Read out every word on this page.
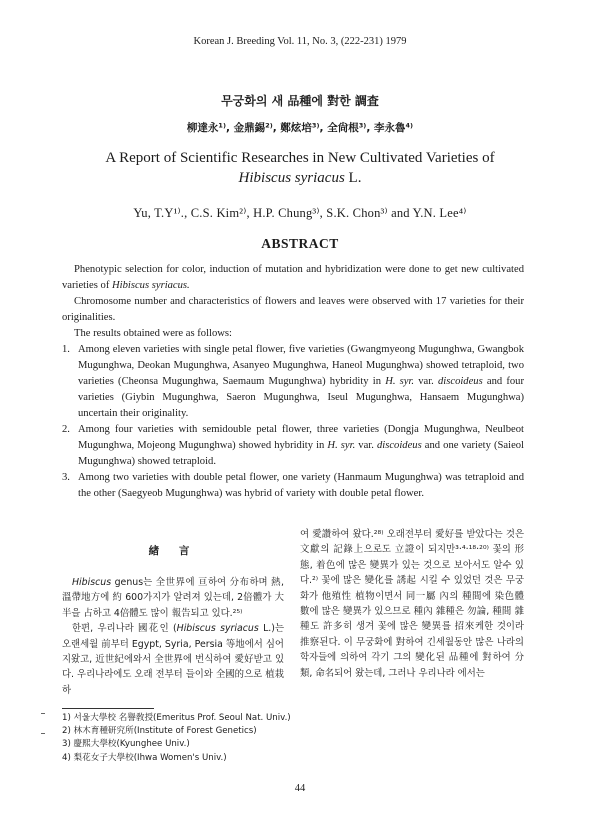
Korean J. Breeding Vol. 11, No. 3, (222-231) 1979
무궁화의 새 品種에 對한 調査
柳達永¹⁾, 金鼎錫²⁾, 鄭炫培³⁾, 全尙根³⁾, 李永魯⁴⁾
A Report of Scientific Researches in New Cultivated Varieties of
Hibiscus syriacus L.
Yu, T.Y¹⁾., C.S. Kim²⁾, H.P. Chung³⁾, S.K. Chon³⁾ and Y.N. Lee⁴⁾
ABSTRACT

Phenotypic selection for color, induction of mutation and hybridization were done to get new cultivated varieties of Hibiscus syriacus.

Chromosome number and characteristics of flowers and leaves were observed with 17 varieties for their originalities.

The results obtained were as follows:

1. Among eleven varieties with single petal flower, five varieties (Gwangmyeong Mugunghwa, Gwangbok Mugunghwa, Deokan Mugunghwa, Asanyeo Mugunghwa, Haneol Mugunghwa) showed tetraploid, two varieties (Cheonsa Mugunghwa, Saemaum Mugunghwa) hybridity in H. syr. var. discoideus and four varieties (Giybin Mugunghwa, Saeron Mugunghwa, Iseul Mugunghwa, Hansaem Mugunghwa) uncertain their originality.
2. Among four varieties with semidouble petal flower, three varieties (Dongja Mugunghwa, Neulbeot Mugunghwa, Mojeong Mugunghwa) showed hybridity in H. syr. var. discoideus and one variety (Saieol Mugunghwa) showed tetraploid.
3. Among two varieties with double petal flower, one variety (Hanmaum Mugunghwa) was tetraploid and the other (Saegyeob Mugunghwa) was hybrid of variety with double petal flower.
緖 言

Hibiscus genus는 全世界에 亘하여 分布하며 熱, 溫帶地方에 約 600가지가 알려져 있는데, 2倍體가 大半을 占하고 4倍體도 많이 報告되고 있다.²⁵⁾

한편, 우리나라 國花인 (Hibiscus syriacus L.)는 오랜세월 前부터 Egypt, Syria, Persia 等地에서 심어지왔고, 近世紀에와서 全世界에 번식하여 愛好받고 있다. 우리나라에도 오래 전부터 들이와 全國的으로 植栽하

여 愛讚하여 왔다.²⁸⁾ 오래전부터 愛好를 받았다는 것은 文獻의 記錄上으로도 立證이 되지만³·⁴·¹⁸·²⁰⁾ 꽃의 形態, 着色에 많은 變異가 있는 것으로 보아서도 알수 있다.²⁾ 꽃에 많은 變化를 誘起 시킬 수 있었던 것은 무궁화가 他殖性 植物이면서 同一屬 內의 種間에 染色體 數에 많은 變異가 있으므로 種內 雜種은 勿論, 種間 雜種도 許多히 생겨 꽃에 많은 變異를 招來케한 것이라 推察된다. 이 무궁화에 對하여 긴세월동안 많은 나라의 학자들에 의하여 각기 그의 變化된 品種에 對하여 分類, 命名되어 왔는데, 그러나 우리나라 에서는

1) 서울大學校 名譽敎授(Emeritus Prof. Seoul Nat. Univ.)
2) 林木育種研究所(Institute of Forest Genetics)
3) 慶熙大學校(Kyunghee Univ.)
4) 梨花女子大學校(Ihwa Women's Univ.)
44
